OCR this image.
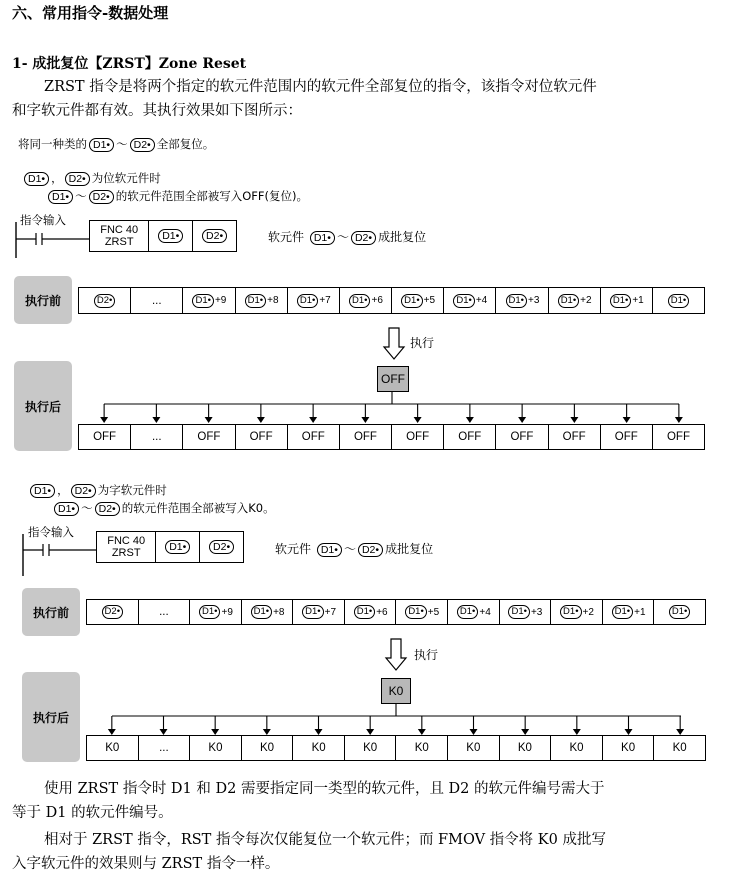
六、常用指令-数据处理
1- 成批复位【ZRST】Zone Reset
ZRST 指令是将两个指定的软元件范围内的软元件全部复位的指令，该指令对位软元件
和字软元件都有效。其执行效果如下图所示：
将同一种类的 D1• ～ D2• 全部复位。
D1• ， D2• 为位软元件时
D1• ～ D2• 的软元件范围全部被写入OFF(复位)。
指令输入
FNC 40
ZRST	D1•	D2•	软元件 D1• ～ D2• 成批复位
执行前	D2•	...	D1• +9	D1• +8	D1• +7	D1• +6	D1• +5	D1• +4	D1• +3	D1• +2	D1• +1	D1•
执行
OFF
执行后
OFF	...	OFF	OFF	OFF	OFF	OFF	OFF	OFF	OFF	OFF	OFF
D1• ， D2• 为字软元件时
D1• ～ D2• 的软元件范围全部被写入K0。
指令输入
FNC 40
ZRST	D1•	D2•	软元件 D1• ～ D2• 成批复位
执行前	D2•	...	D1• +9	D1• +8	D1• +7	D1• +6	D1• +5	D1• +4	D1• +3	D1• +2	D1• +1	D1•
执行
K0
执行后
K0	...	K0	K0	K0	K0	K0	K0	K0	K0	K0	K0
使用 ZRST 指令时 D1 和 D2 需要指定同一类型的软元件，且 D2 的软元件编号需大于
等于 D1 的软元件编号。
相对于 ZRST 指令，RST 指令每次仅能复位一个软元件；而 FMOV 指令将 K0 成批写
入字软元件的效果则与 ZRST 指令一样。
